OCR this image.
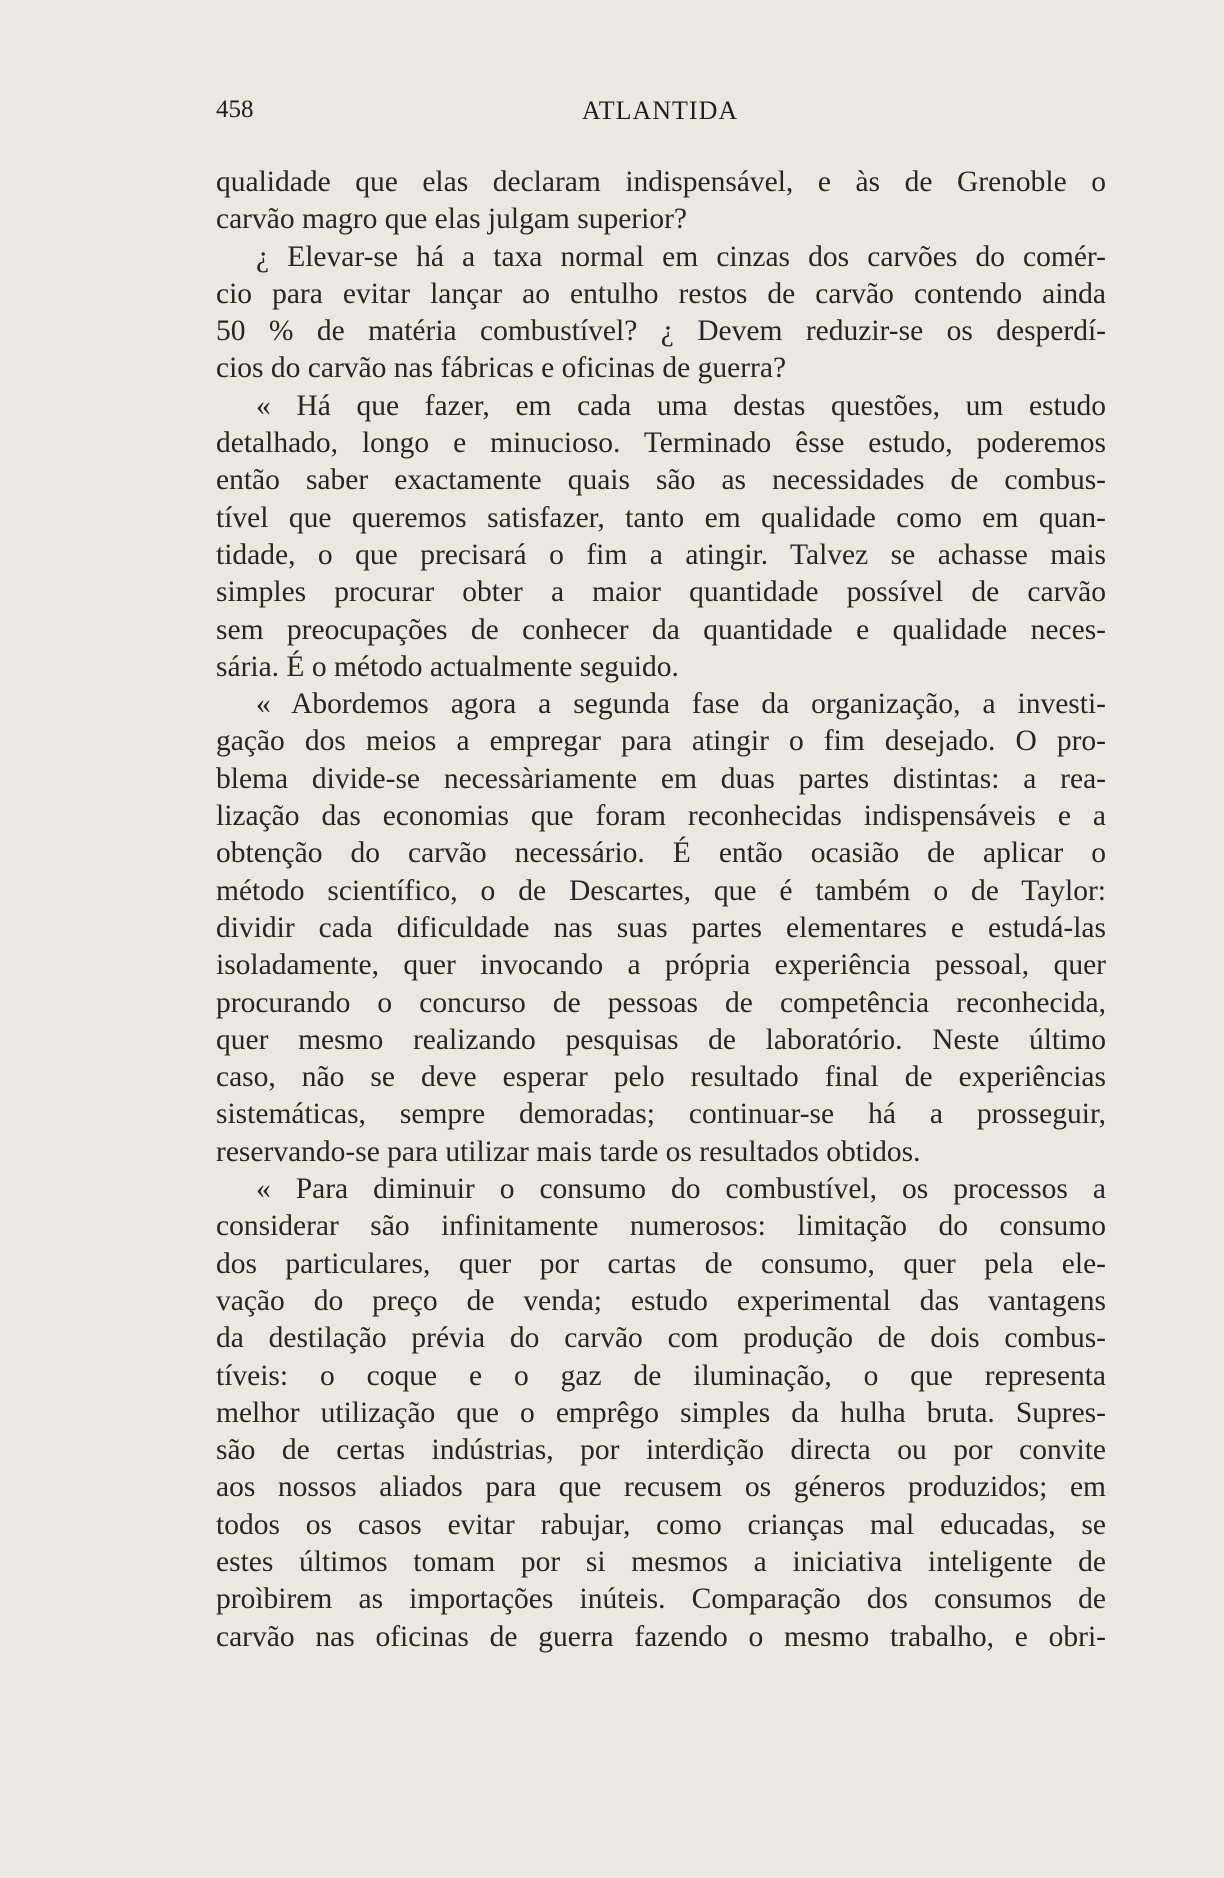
458	ATLANTIDA
qualidade que elas declaram indispensável, e às de Grenoble o
carvão magro que elas julgam superior?
¿ Elevar-se há a taxa normal em cinzas dos carvões do comér-
cio para evitar lançar ao entulho restos de carvão contendo ainda
50 % de matéria combustível? ¿ Devem reduzir-se os desperdí-
cios do carvão nas fábricas e oficinas de guerra?
« Há que fazer, em cada uma destas questões, um estudo
detalhado, longo e minucioso. Terminado êsse estudo, poderemos
então saber exactamente quais são as necessidades de combus-
tível que queremos satisfazer, tanto em qualidade como em quan-
tidade, o que precisará o fim a atingir. Talvez se achasse mais
simples procurar obter a maior quantidade possível de carvão
sem preocupações de conhecer da quantidade e qualidade neces-
sária. É o método actualmente seguido.
« Abordemos agora a segunda fase da organização, a investi-
gação dos meios a empregar para atingir o fim desejado. O pro-
blema divide-se necessàriamente em duas partes distintas: a rea-
lização das economias que foram reconhecidas indispensáveis e a
obtenção do carvão necessário. É então ocasião de aplicar o
método scientífico, o de Descartes, que é também o de Taylor:
dividir cada dificuldade nas suas partes elementares e estudá-las
isoladamente, quer invocando a própria experiência pessoal, quer
procurando o concurso de pessoas de competência reconhecida,
quer mesmo realizando pesquisas de laboratório. Neste último
caso, não se deve esperar pelo resultado final de experiências
sistemáticas, sempre demoradas; continuar-se há a prosseguir,
reservando-se para utilizar mais tarde os resultados obtidos.
« Para diminuir o consumo do combustível, os processos a
considerar são infinitamente numerosos: limitação do consumo
dos particulares, quer por cartas de consumo, quer pela ele-
vação do preço de venda; estudo experimental das vantagens
da destilação prévia do carvão com produção de dois combus-
tíveis: o coque e o gaz de iluminação, o que representa
melhor utilização que o emprêgo simples da hulha bruta. Supres-
são de certas indústrias, por interdição directa ou por convite
aos nossos aliados para que recusem os géneros produzidos; em
todos os casos evitar rabujar, como crianças mal educadas, se
estes últimos tomam por si mesmos a iniciativa inteligente de
proìbirem as importações inúteis. Comparação dos consumos de
carvão nas oficinas de guerra fazendo o mesmo trabalho, e obri-
